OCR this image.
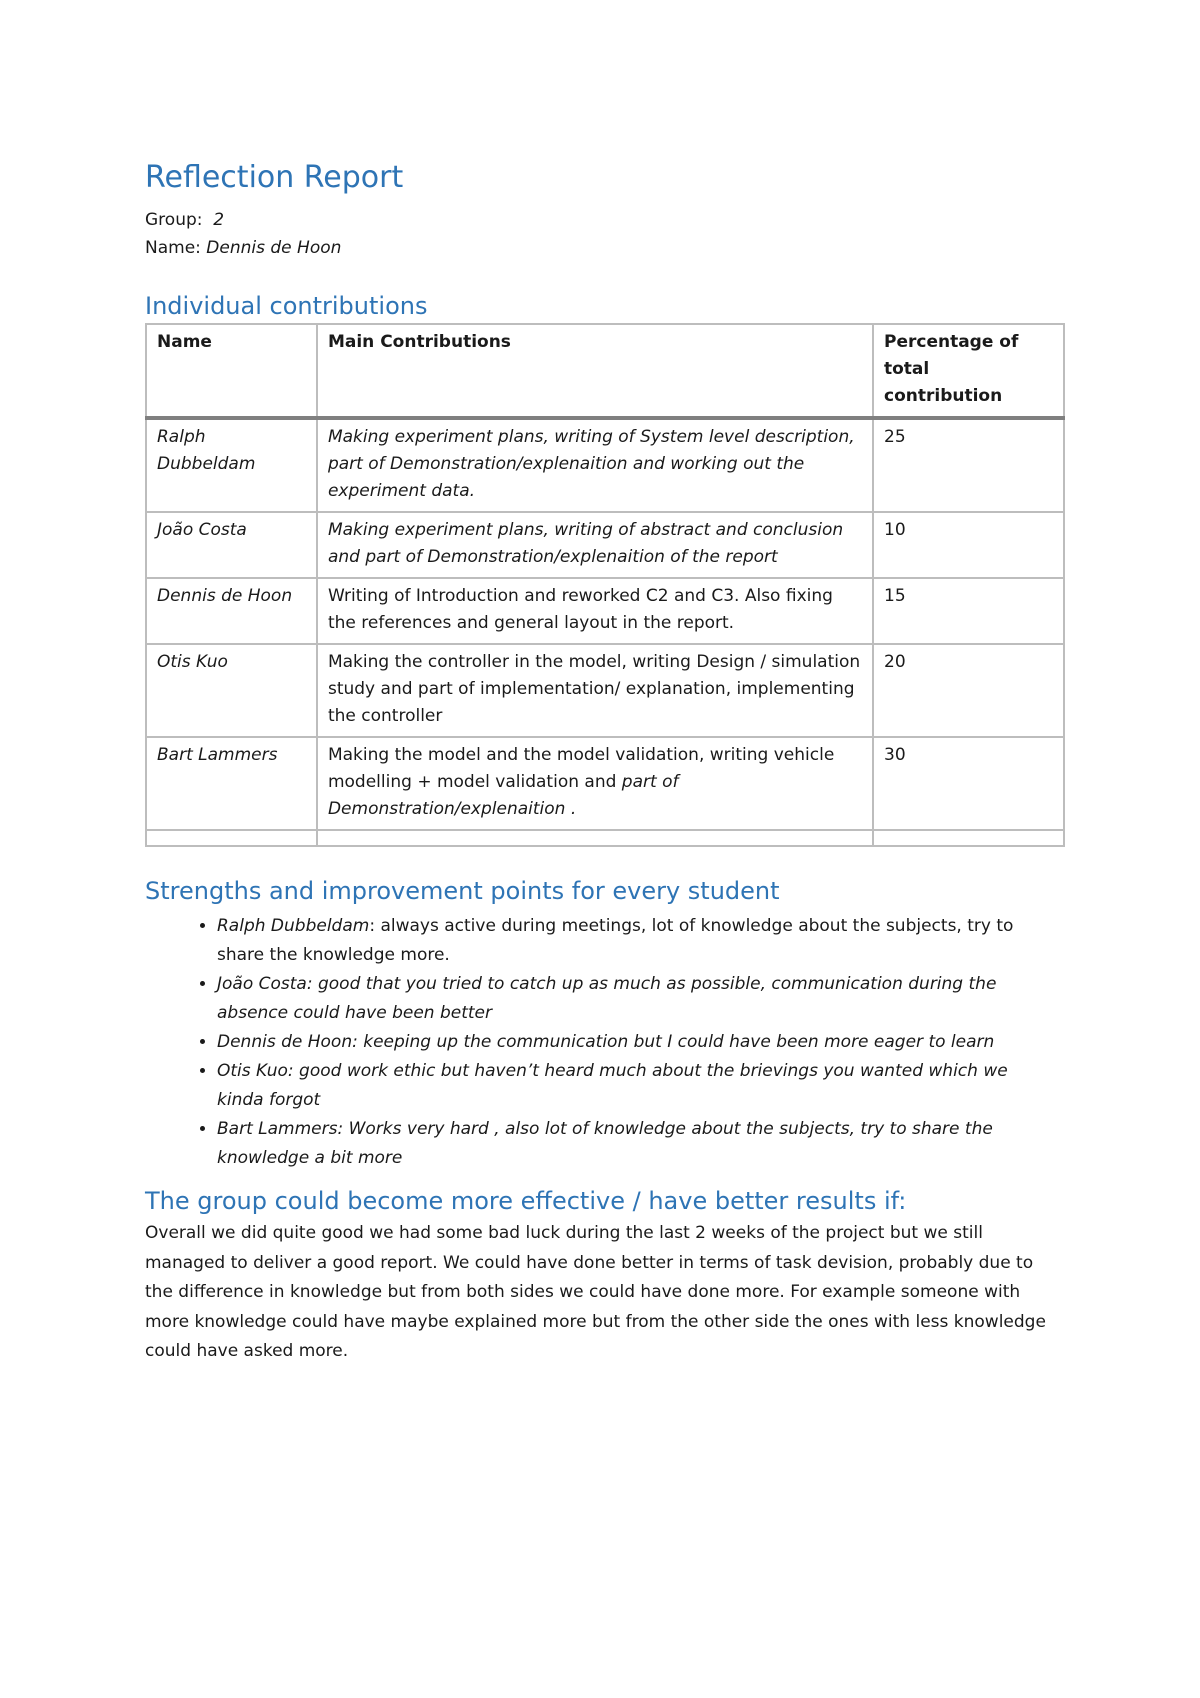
Reflection Report
Group: 2
Name: Dennis de Hoon
Individual contributions
Name	Main Contributions	Percentage of total contribution
Ralph Dubbeldam	Making experiment plans, writing of System level description, part of Demonstration/explenaition and working out the experiment data.	25
João Costa	Making experiment plans, writing of abstract and conclusion and part of Demonstration/explenaition of the report	10
Dennis de Hoon	Writing of Introduction and reworked C2 and C3. Also fixing the references and general layout in the report.	15
Otis Kuo	Making the controller in the model, writing Design / simulation study and part of implementation/ explanation, implementing the controller	20
Bart Lammers	Making the model and the model validation, writing vehicle modelling + model validation and part of Demonstration/explenaition .	30

Strengths and improvement points for every student
• Ralph Dubbeldam: always active during meetings, lot of knowledge about the subjects, try to share the knowledge more.
• João Costa: good that you tried to catch up as much as possible, communication during the absence could have been better
• Dennis de Hoon: keeping up the communication but I could have been more eager to learn
• Otis Kuo: good work ethic but haven’t heard much about the brievings you wanted which we kinda forgot
• Bart Lammers: Works very hard , also lot of knowledge about the subjects, try to share the knowledge a bit more
The group could become more effective / have better results if:

Overall we did quite good we had some bad luck during the last 2 weeks of the project but we still managed to deliver a good report. We could have done better in terms of task devision, probably due to the difference in knowledge but from both sides we could have done more. For example someone with more knowledge could have maybe explained more but from the other side the ones with less knowledge could have asked more.
